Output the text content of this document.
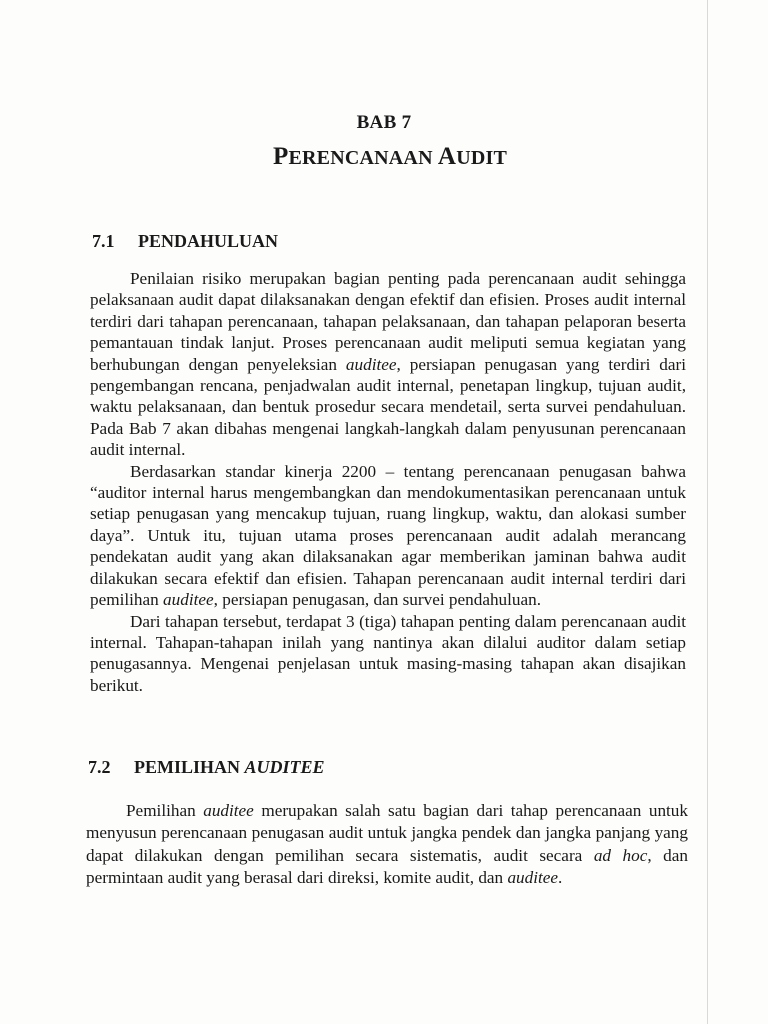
BAB 7
PERENCANAAN AUDIT
7.1 PENDAHULUAN

Penilaian risiko merupakan bagian penting pada perencanaan audit sehingga pelaksanaan audit dapat dilaksanakan dengan efektif dan efisien. Proses audit internal terdiri dari tahapan perencanaan, tahapan pelaksanaan, dan tahapan pelaporan beserta pemantauan tindak lanjut. Proses perencanaan audit meliputi semua kegiatan yang berhubungan dengan penyeleksian auditee, persiapan penugasan yang terdiri dari pengembangan rencana, penjadwalan audit internal, penetapan lingkup, tujuan audit, waktu pelaksanaan, dan bentuk prosedur secara mendetail, serta survei pendahuluan. Pada Bab 7 akan dibahas mengenai langkah-langkah dalam penyusunan perencanaan audit internal.

Berdasarkan standar kinerja 2200 – tentang perencanaan penugasan bahwa “auditor internal harus mengembangkan dan mendokumentasikan perencanaan untuk setiap penugasan yang mencakup tujuan, ruang lingkup, waktu, dan alokasi sumber daya”. Untuk itu, tujuan utama proses perencanaan audit adalah merancang pendekatan audit yang akan dilaksanakan agar memberikan jaminan bahwa audit dilakukan secara efektif dan efisien. Tahapan perencanaan audit internal terdiri dari pemilihan auditee, persiapan penugasan, dan survei pendahuluan.

Dari tahapan tersebut, terdapat 3 (tiga) tahapan penting dalam perencanaan audit internal. Tahapan-tahapan inilah yang nantinya akan dilalui auditor dalam setiap penugasannya. Mengenai penjelasan untuk masing-masing tahapan akan disajikan berikut.

7.2 PEMILIHAN AUDITEE

Pemilihan auditee merupakan salah satu bagian dari tahap perencanaan untuk menyusun perencanaan penugasan audit untuk jangka pendek dan jangka panjang yang dapat dilakukan dengan pemilihan secara sistematis, audit secara ad hoc, dan permintaan audit yang berasal dari direksi, komite audit, dan auditee.
